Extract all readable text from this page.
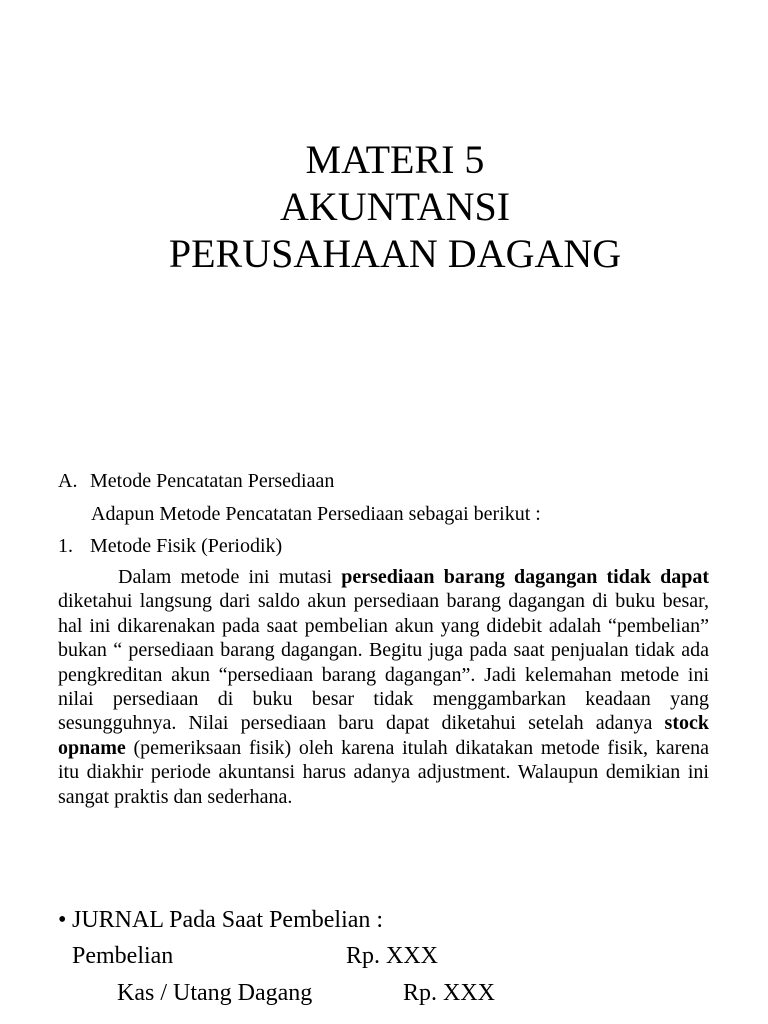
MATERI 5
AKUNTANSI
PERUSAHAAN DAGANG
A. Metode Pencatatan Persediaan
Adapun Metode Pencatatan Persediaan sebagai berikut :
1. Metode Fisik (Periodik)
Dalam metode ini mutasi persediaan barang dagangan tidak dapat diketahui langsung dari saldo akun persediaan barang dagangan di buku besar, hal ini dikarenakan pada saat pembelian akun yang didebit adalah “pembelian” bukan “ persediaan barang dagangan. Begitu juga pada saat penjualan tidak ada pengkreditan akun “persediaan barang dagangan”. Jadi kelemahan metode ini nilai persediaan di buku besar tidak menggambarkan keadaan yang sesungguhnya. Nilai persediaan baru dapat diketahui setelah adanya stock opname (pemeriksaan fisik) oleh karena itulah dikatakan metode fisik, karena itu diakhir periode akuntansi harus adanya adjustment. Walaupun demikian ini sangat praktis dan sederhana.
• JURNAL Pada Saat Pembelian :
Pembelian	Rp. XXX
Kas / Utang Dagang	Rp. XXX
